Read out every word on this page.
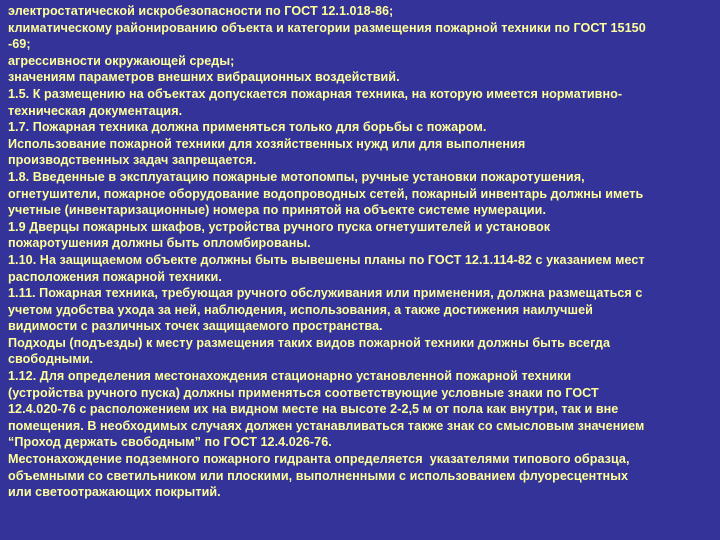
электростатической искробезопасности по ГОСТ 12.1.018-86;
климатическому районированию объекта и категории размещения пожарной техники по ГОСТ 15150
-69;
агрессивности окружающей среды;
значениям параметров внешних вибрационных воздействий.
1.5. К размещению на объектах допускается пожарная техника, на которую имеется нормативно-
техническая документация.
1.7. Пожарная техника должна применяться только для борьбы с пожаром.
Использование пожарной техники для хозяйственных нужд или для выполнения
производственных задач запрещается.
1.8. Введенные в эксплуатацию пожарные мотопомпы, ручные установки пожаротушения,
огнетушители, пожарное оборудование водопроводных сетей, пожарный инвентарь должны иметь
учетные (инвентаризационные) номера по принятой на объекте системе нумерации.
1.9 Дверцы пожарных шкафов, устройства ручного пуска огнетушителей и установок
пожаротушения должны быть опломбированы.
1.10. На защищаемом объекте должны быть вывешены планы по ГОСТ 12.1.114-82 с указанием мест
расположения пожарной техники.
1.11. Пожарная техника, требующая ручного обслуживания или применения, должна размещаться с
учетом удобства ухода за ней, наблюдения, использования, а также достижения наилучшей
видимости с различных точек защищаемого пространства.
Подходы (подъезды) к месту размещения таких видов пожарной техники должны быть всегда
свободными.
1.12. Для определения местонахождения стационарно установленной пожарной техники
(устройства ручного пуска) должны применяться соответствующие условные знаки по ГОСТ
12.4.020-76 с расположением их на видном месте на высоте 2-2,5 м от пола как внутри, так и вне
помещения. В необходимых случаях должен устанавливаться также знак со смысловым значением
“Проход держать свободным” по ГОСТ 12.4.026-76.
Местонахождение подземного пожарного гидранта определяется  указателями типового образца,
объемными со светильником или плоскими, выполненными с использованием флуоресцентных
или светоотражающих покрытий.
